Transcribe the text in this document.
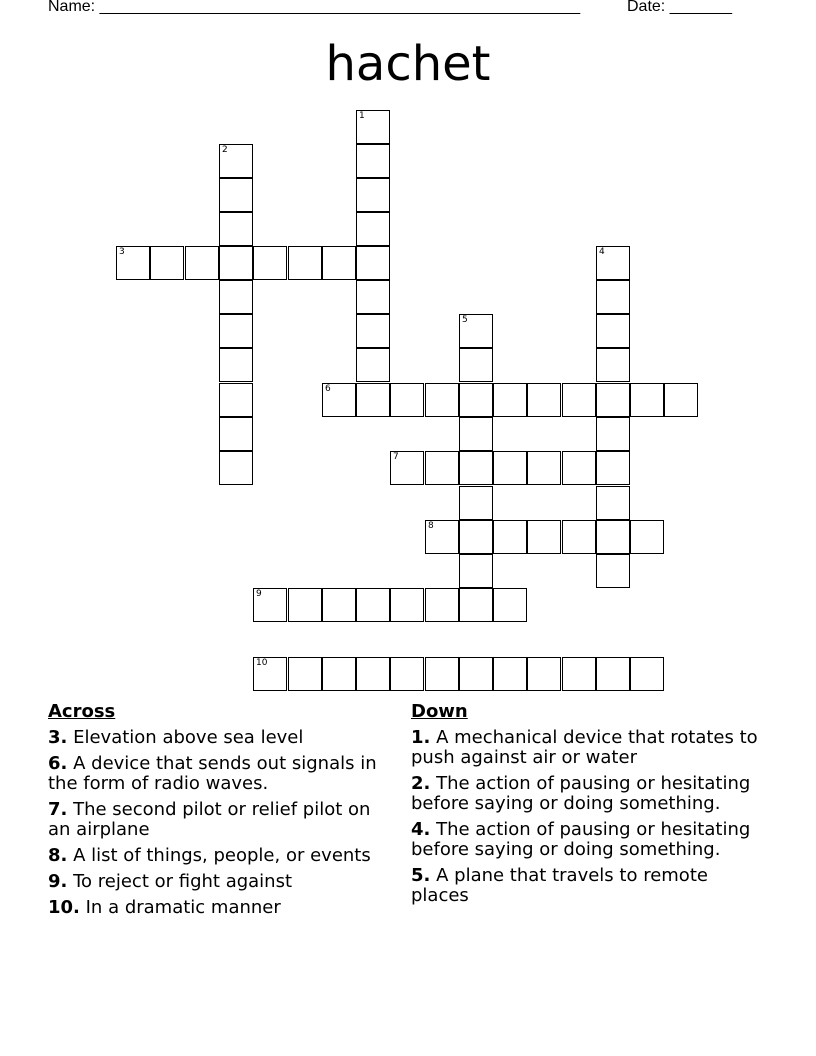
Name: ______________________________________________________	Date: _______
hachet
1
2
3	4
5
6
7
8
9
10
Across
3. Elevation above sea level
6. A device that sends out signals in the form of radio waves.
7. The second pilot or relief pilot on an airplane
8. A list of things, people, or events
9. To reject or fight against
10. In a dramatic manner
Down
1. A mechanical device that rotates to push against air or water
2. The action of pausing or hesitating before saying or doing something.
4. The action of pausing or hesitating before saying or doing something.
5. A plane that travels to remote places
